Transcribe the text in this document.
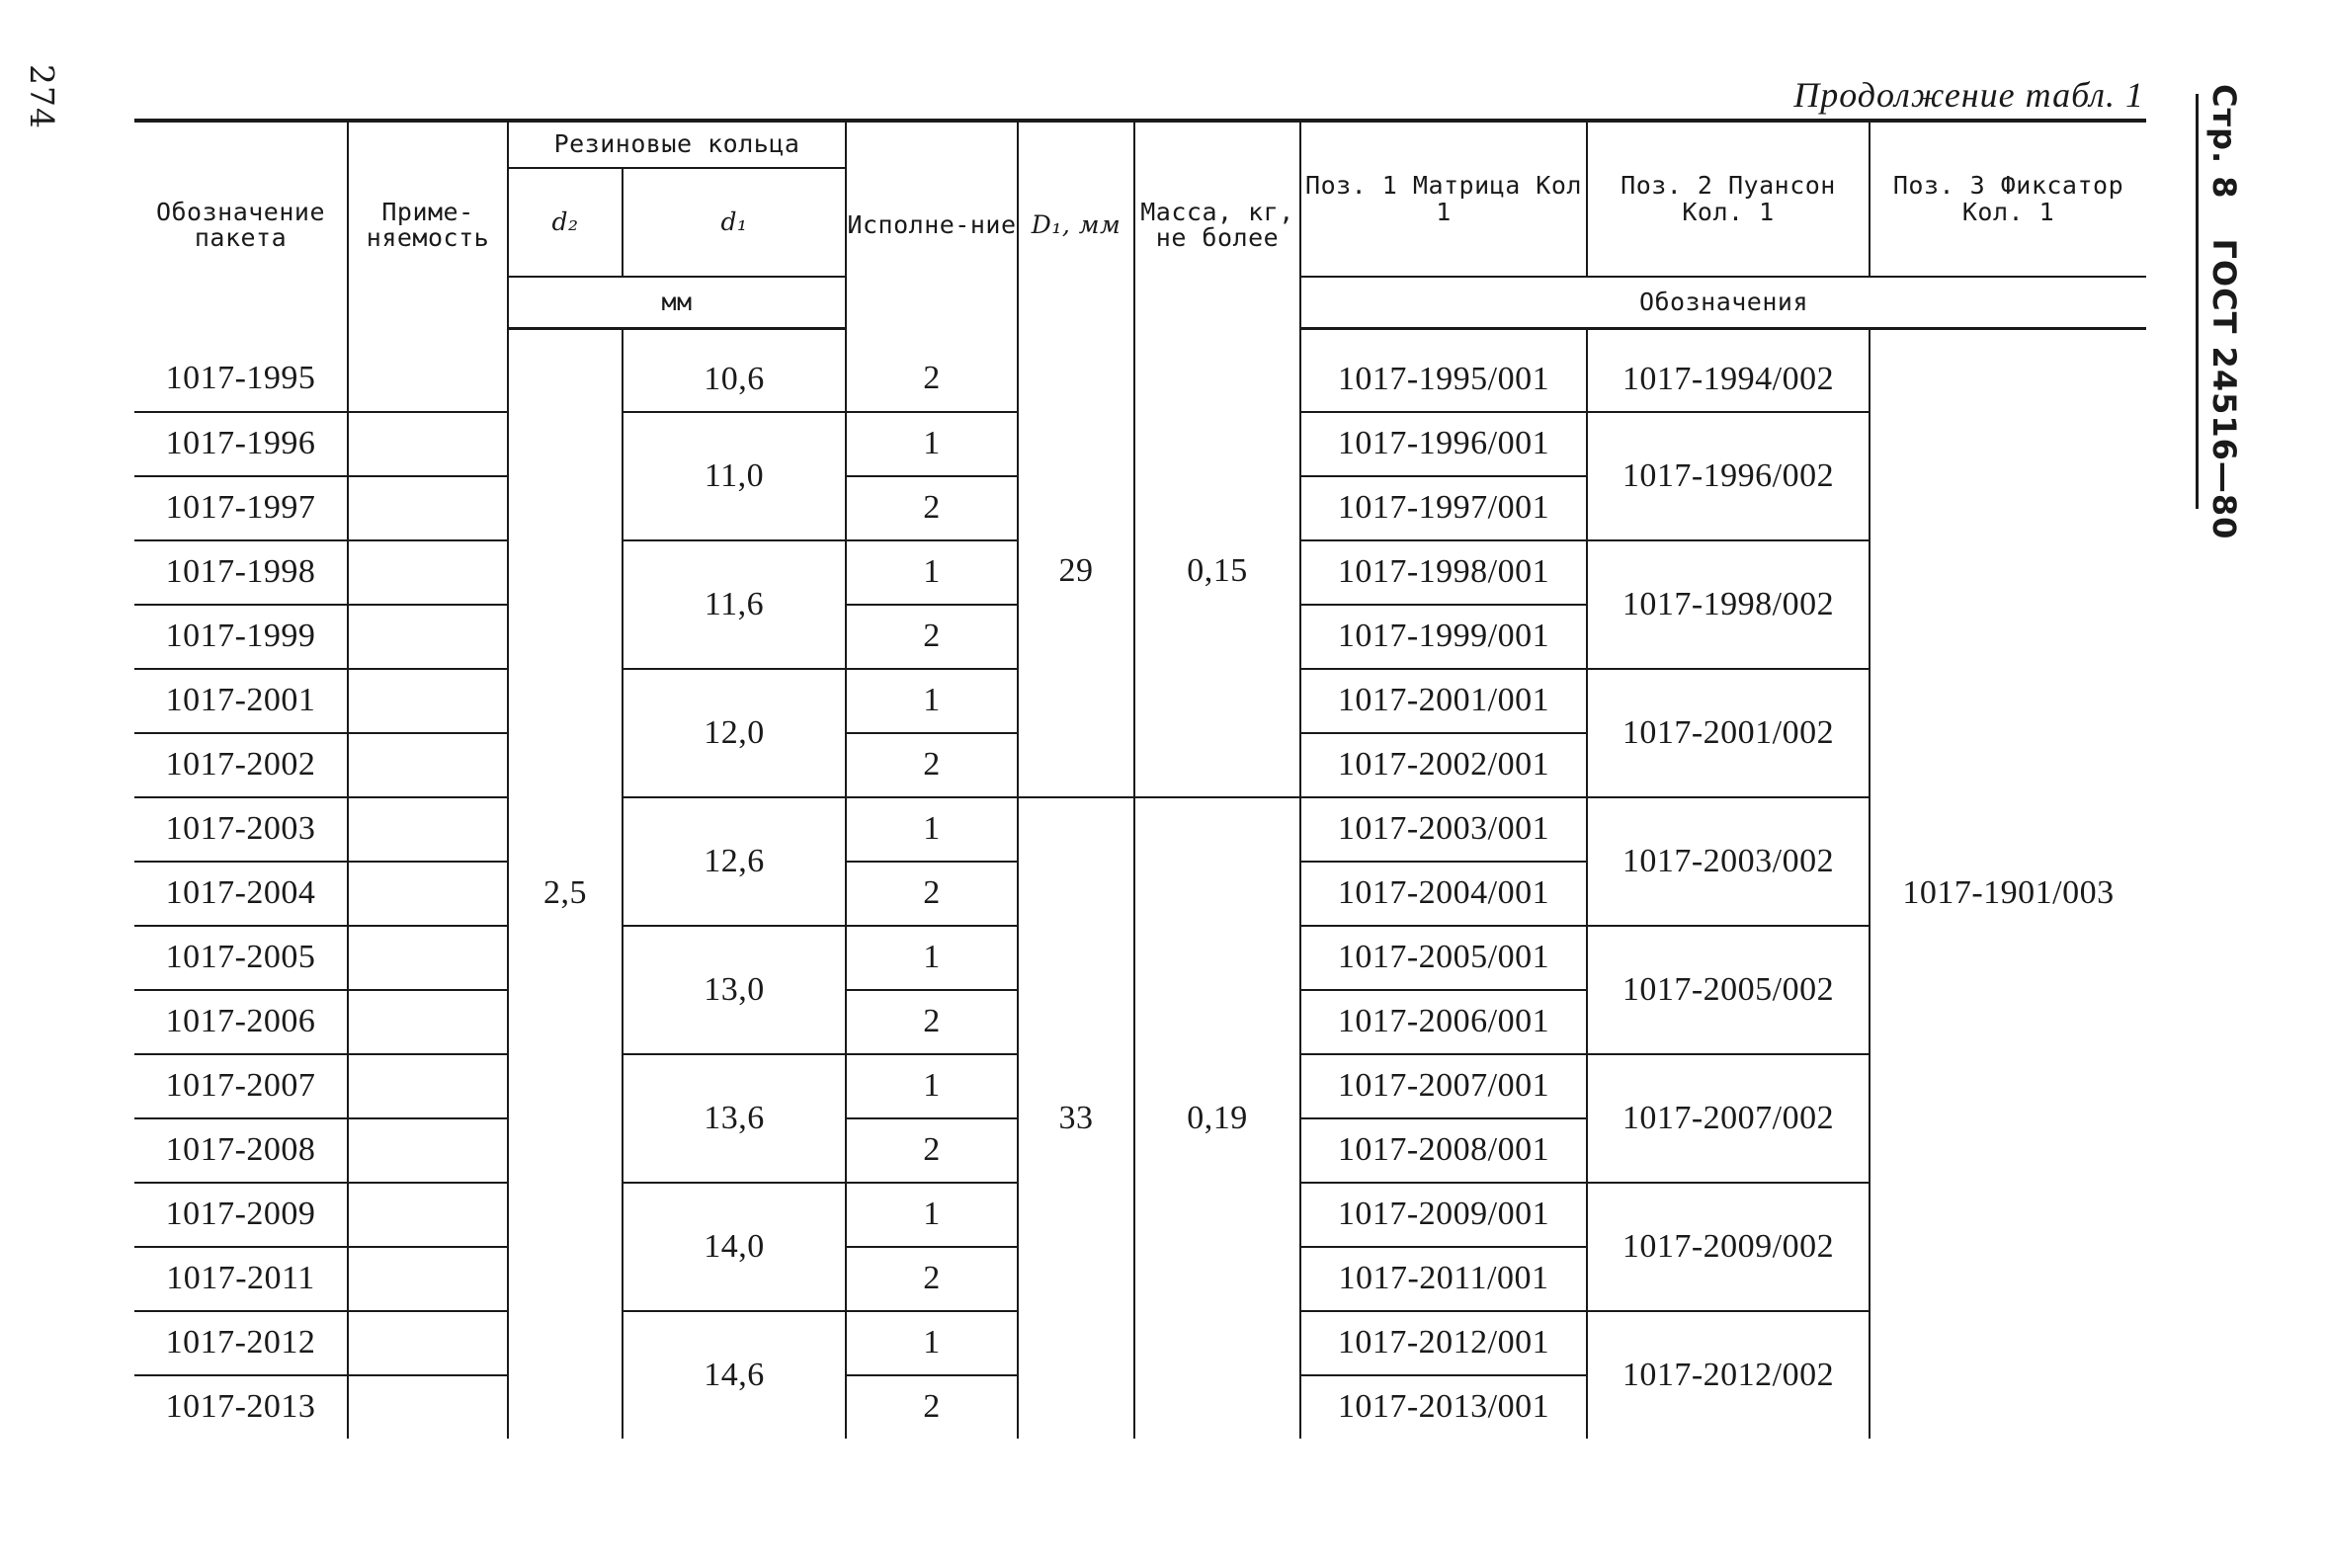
274	Стр. 8ГОСТ 24516—80
Продолжение табл. 1
Обозначение пакета	Приме-няемость	Резиновые кольца		Исполне-ние	D₁, мм	Масса, кг, не более	Поз. 1 Матрица Кол 1	Поз. 2 Пуансон Кол. 1	Поз. 3 Фиксатор Кол. 1
		d₂	d₁						
		мм					Обозначения		
1017-1995		2,5	10,6	2	29	0,15	1017-1995/001	1017-1994/002	1017-1901/003
1017-1996			11,0	1			1017-1996/001	1017-1996/002	
1017-1997				2			1017-1997/001		
1017-1998			11,6	1			1017-1998/001	1017-1998/002	
1017-1999				2			1017-1999/001		
1017-2001			12,0	1			1017-2001/001	1017-2001/002	
1017-2002				2			1017-2002/001		
1017-2003			12,6	1	33	0,19	1017-2003/001	1017-2003/002	
1017-2004				2			1017-2004/001		
1017-2005			13,0	1			1017-2005/001	1017-2005/002	
1017-2006				2			1017-2006/001		
1017-2007			13,6	1			1017-2007/001	1017-2007/002	
1017-2008				2			1017-2008/001		
1017-2009			14,0	1			1017-2009/001	1017-2009/002	
1017-2011				2			1017-2011/001		
1017-2012			14,6	1			1017-2012/001	1017-2012/002	
1017-2013				2			1017-2013/001		
